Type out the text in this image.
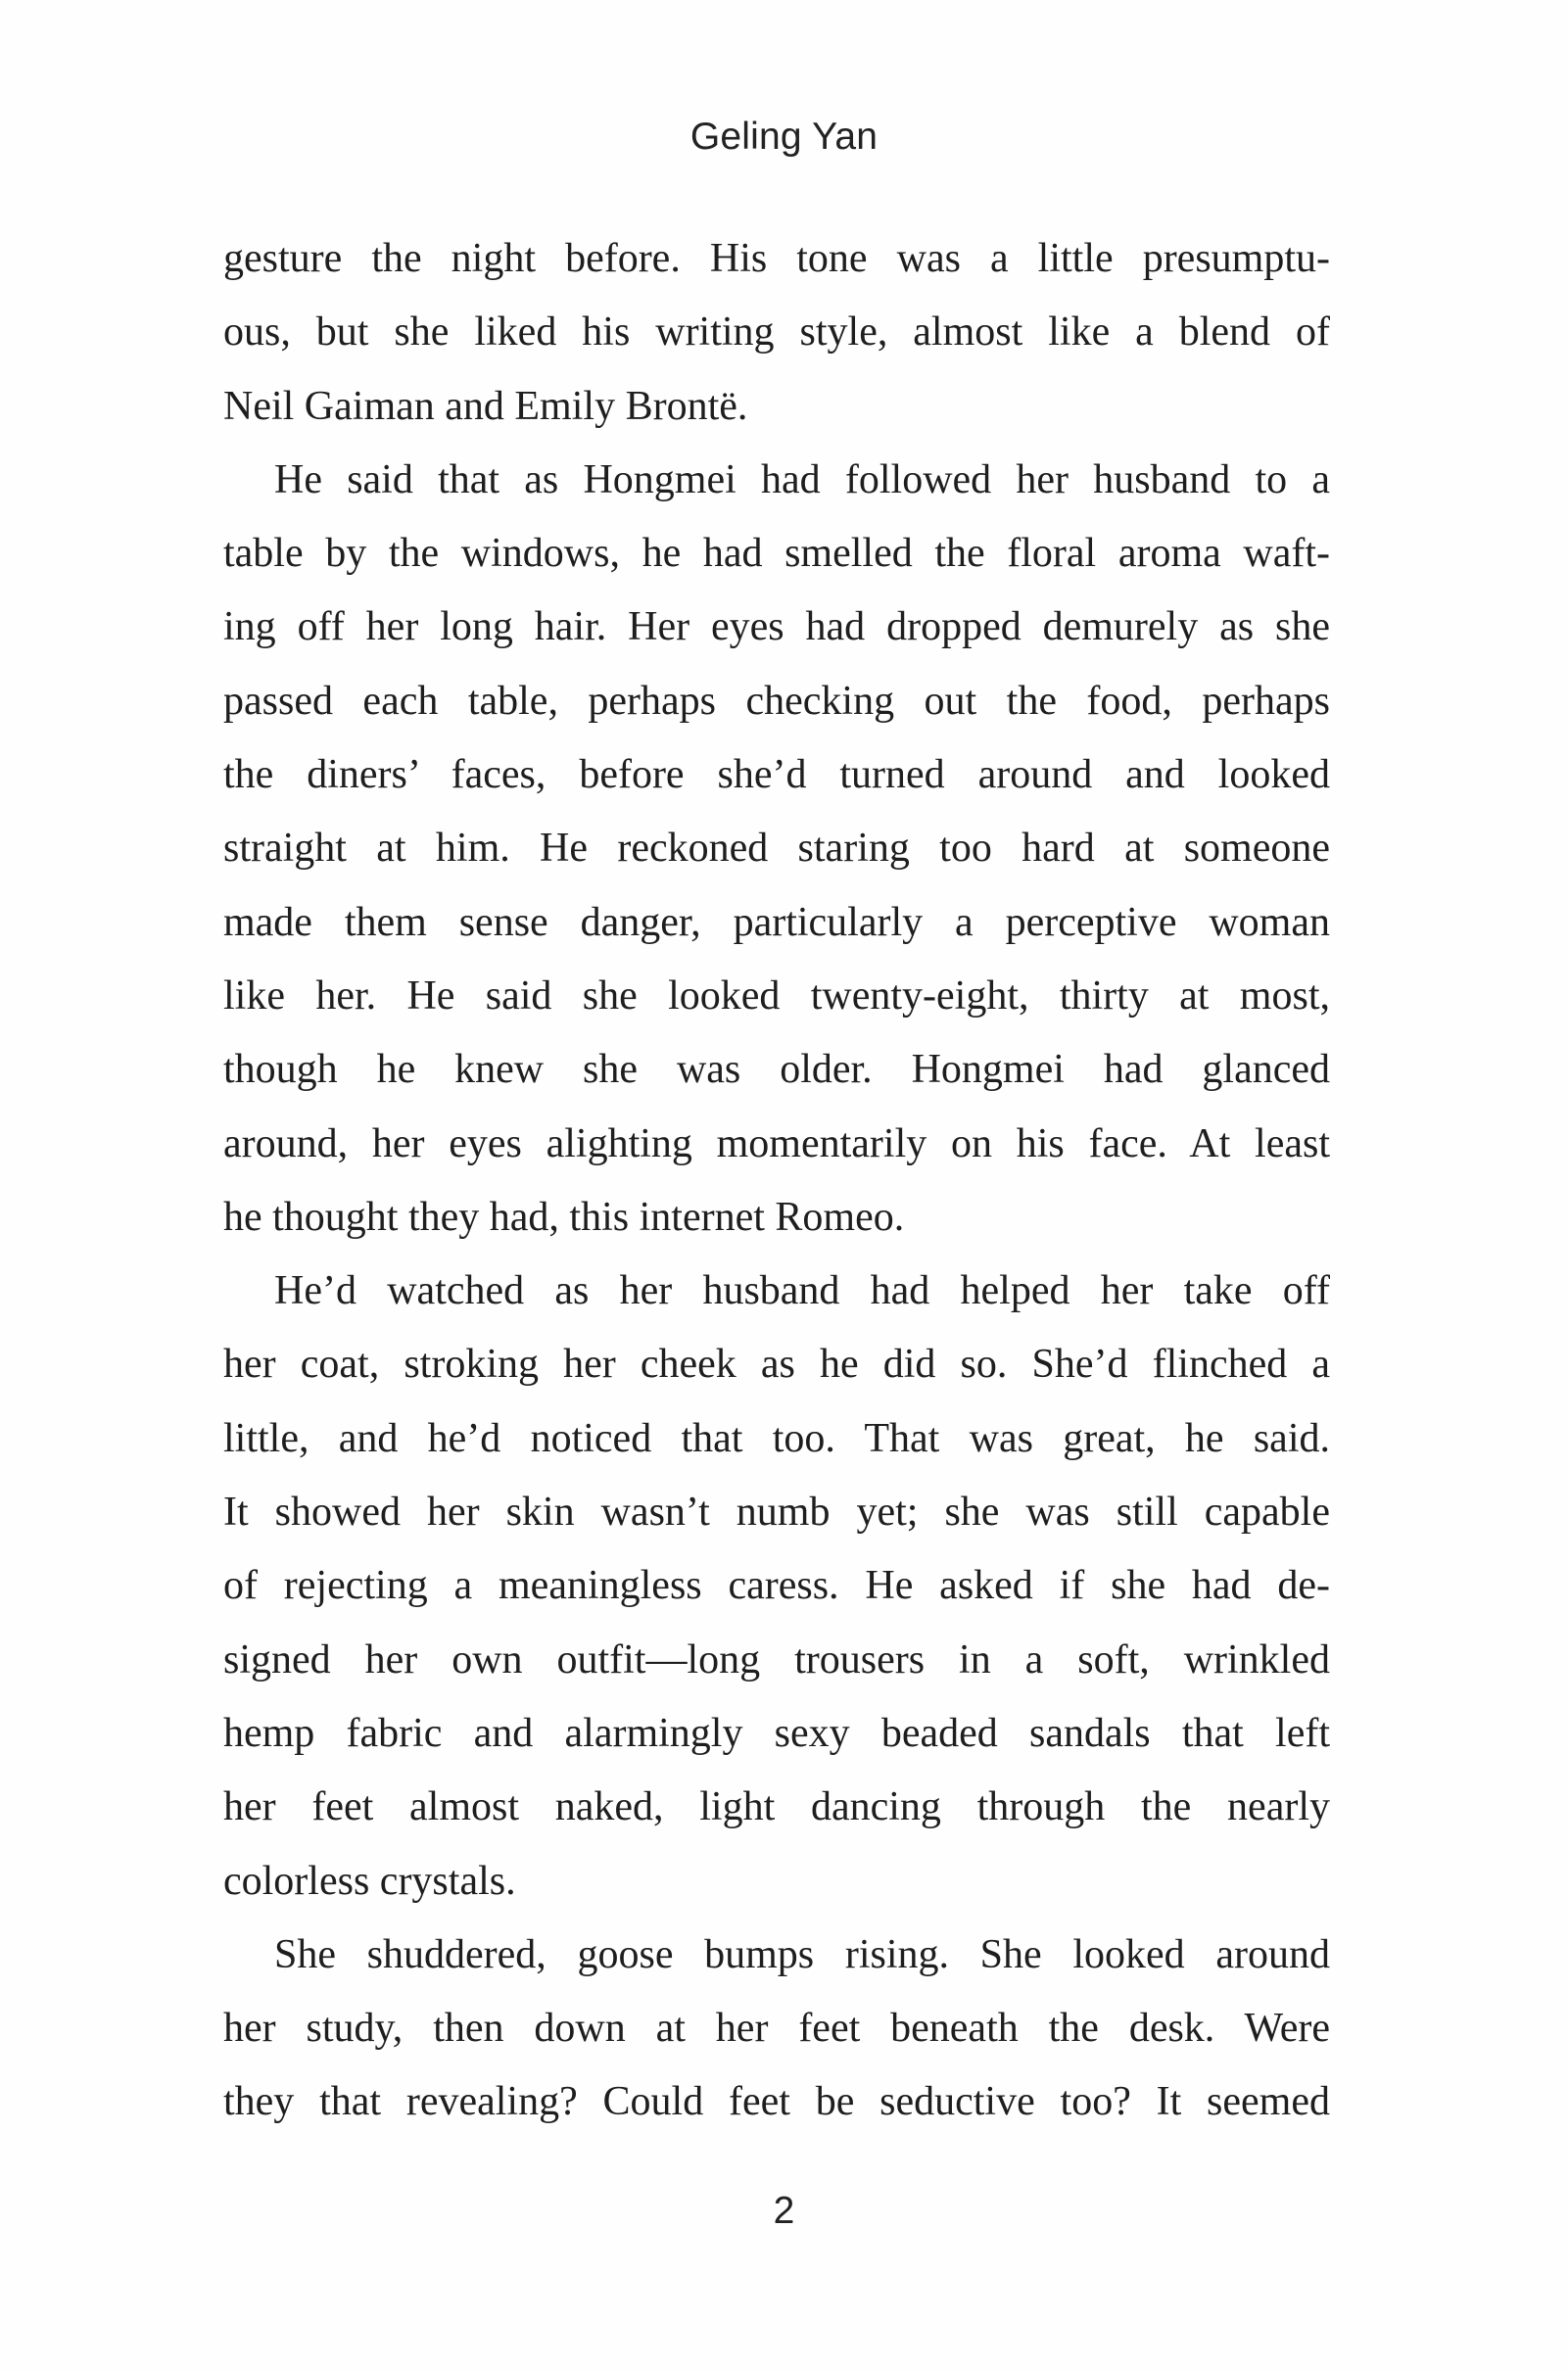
Geling Yan
gesture the night before. His tone was a little presumptu-
ous, but she liked his writing style, almost like a blend of
Neil Gaiman and Emily Brontë.
He said that as Hongmei had followed her husband to a
table by the windows, he had smelled the floral aroma waft-
ing off her long hair. Her eyes had dropped demurely as she
passed each table, perhaps checking out the food, perhaps
the diners’ faces, before she’d turned around and looked
straight at him. He reckoned staring too hard at someone
made them sense danger, particularly a perceptive woman
like her. He said she looked twenty-eight, thirty at most,
though he knew she was older. Hongmei had glanced
around, her eyes alighting momentarily on his face. At least
he thought they had, this internet Romeo.
He’d watched as her husband had helped her take off
her coat, stroking her cheek as he did so. She’d flinched a
little, and he’d noticed that too. That was great, he said.
It showed her skin wasn’t numb yet; she was still capable
of rejecting a meaningless caress. He asked if she had de-
signed her own outfit—long trousers in a soft, wrinkled
hemp fabric and alarmingly sexy beaded sandals that left
her feet almost naked, light dancing through the nearly
colorless crystals.
She shuddered, goose bumps rising. She looked around
her study, then down at her feet beneath the desk. Were
they that revealing? Could feet be seductive too? It seemed
2
